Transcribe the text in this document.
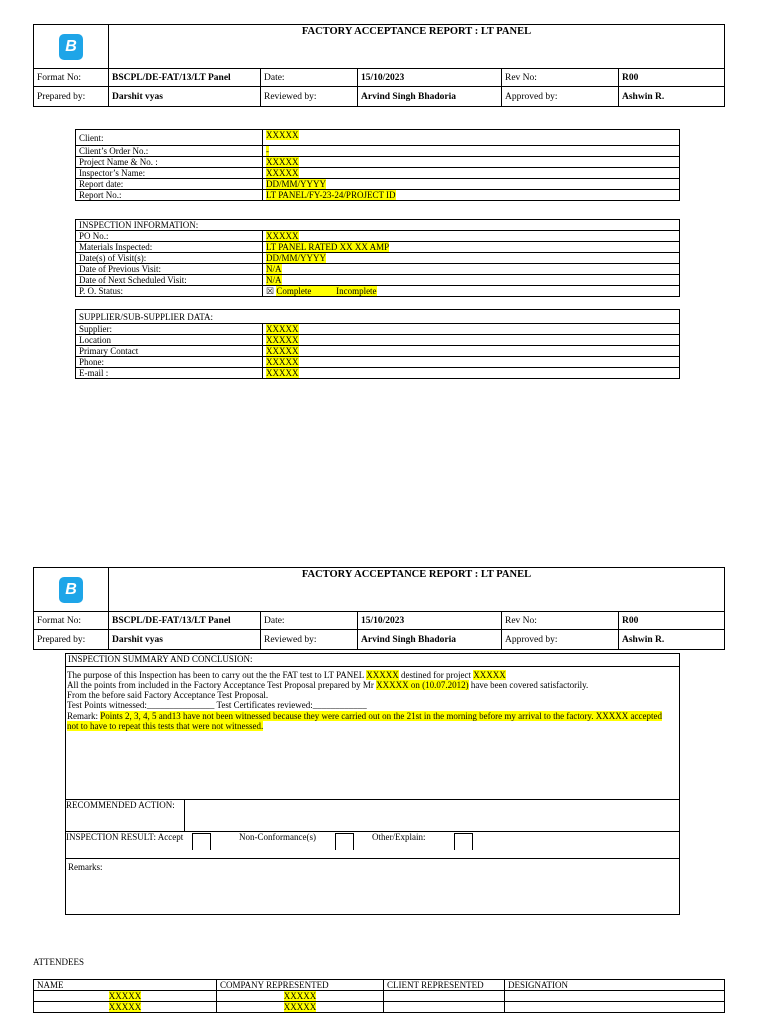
B	FACTORY ACCEPTANCE REPORT : LT PANEL				
Format No:	BSCPL/DE-FAT/13/LT Panel	Date:	15/10/2023	Rev No:	R00
Prepared by:	Darshit vyas	Reviewed by:	Arvind Singh Bhadoria	Approved by:	Ashwin R.
Client:	XXXXX
Client’s Order No.:	-
Project Name & No. :	XXXXX
Inspector’s Name:	XXXXX
Report date:	DD/MM/YYYY
Report No.:	LT PANEL/FY-23-24/PROJECT ID
INSPECTION INFORMATION:	
PO No.:	XXXXX
Materials Inspected:	LT PANEL RATED XX XX AMP
Date(s) of Visit(s):	DD/MM/YYYY
Date of Previous Visit:	N/A
Date of Next Scheduled Visit:	N/A
P. O. Status:	☒ Complete           Incomplete
SUPPLIER/SUB-SUPPLIER DATA:	
Supplier:	XXXXX
Location	XXXXX
Primary Contact	XXXXX
Phone:	XXXXX
E-mail :	XXXXX
B	FACTORY ACCEPTANCE REPORT : LT PANEL				
Format No:	BSCPL/DE-FAT/13/LT Panel	Date:	15/10/2023	Rev No:	R00
Prepared by:	Darshit vyas	Reviewed by:	Arvind Singh Bhadoria	Approved by:	Ashwin R.
INSPECTION SUMMARY AND CONCLUSION:
The purpose of this Inspection has been to carry out the the FAT test to LT PANEL XXXXX destined for project XXXXX
All the points from included in the Factory Acceptance Test Proposal prepared by Mr XXXXX on (10.07.2012) have been covered satisfactorily.
From the before said Factory Acceptance Test Proposal.
Test Points witnessed:_______________ Test Certificates reviewed:____________
Remark: Points 2, 3, 4, 5 and13 have not been witnessed because they were carried out on the 21st in the morning before my arrival to the factory. XXXXX accepted
not to have to repeat this tests that were not witnessed.
RECOMMENDED ACTION:
INSPECTION RESULT: Accept	Non-Conformance(s)	Other/Explain:
Remarks:
ATTENDEES
NAME	COMPANY REPRESENTED	CLIENT REPRESENTED	DESIGNATION
XXXXX	XXXXX		
XXXXX	XXXXX		
